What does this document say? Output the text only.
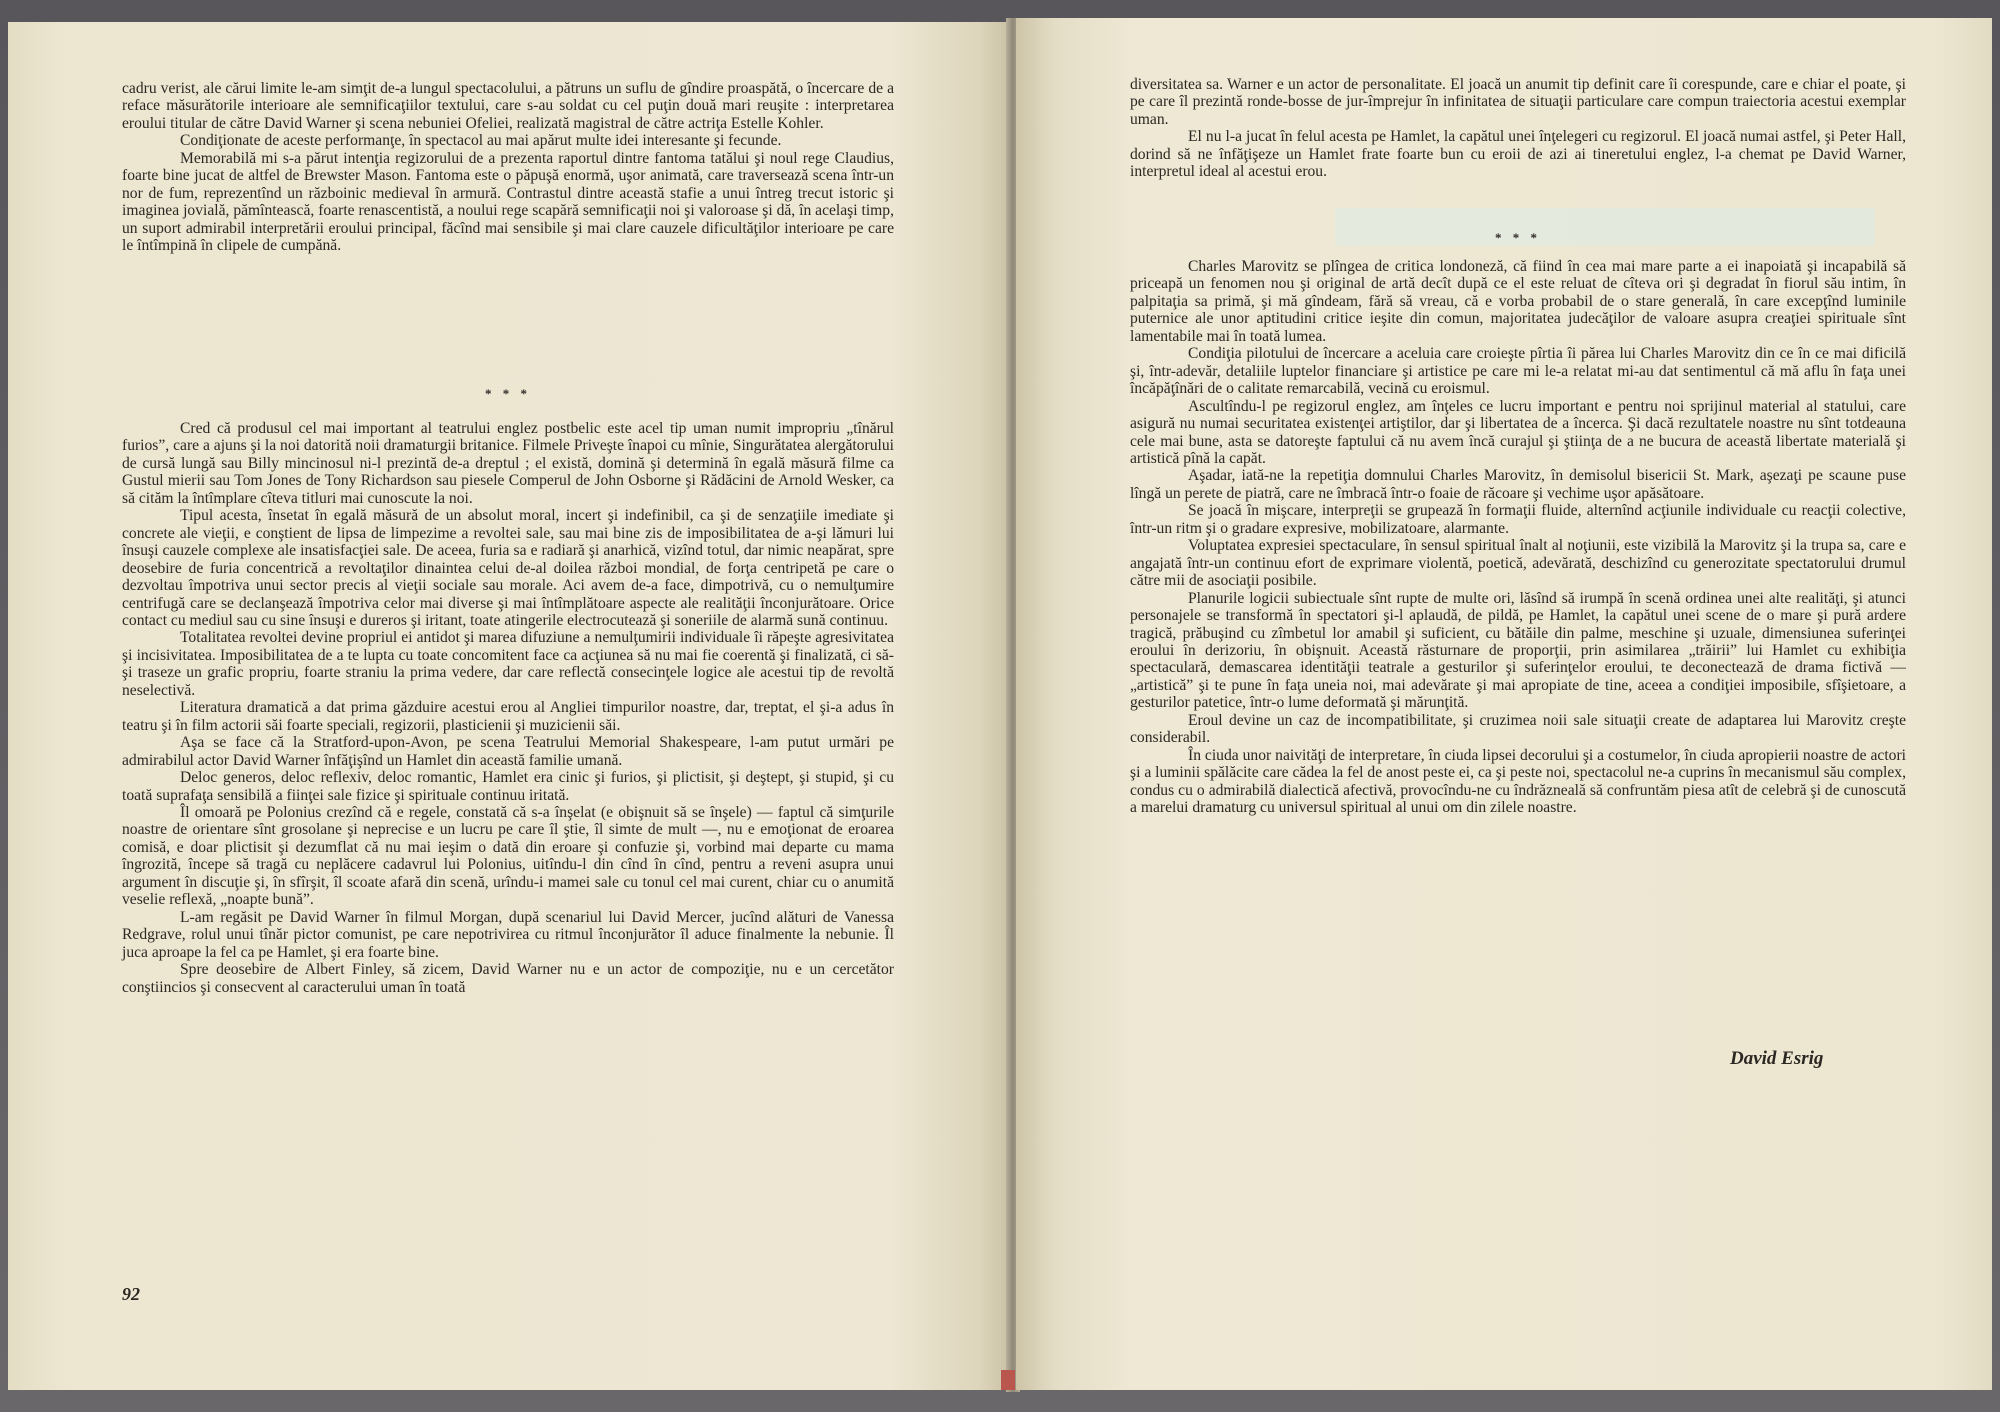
cadru verist, ale cărui limite le-am simţit de-a lungul spectacolului, a pătruns un suflu de gîndire proaspătă, o încercare de a reface măsurătorile interioare ale semnificaţiilor textului, care s-au soldat cu cel puţin două mari reuşite : interpretarea eroului titular de către David Warner şi scena nebuniei Ofeliei, realizată magistral de către actriţa Estelle Kohler.

Condiţionate de aceste performanţe, în spectacol au mai apărut multe idei interesante şi fecunde.

Memorabilă mi s-a părut intenţia regizorului de a prezenta raportul dintre fantoma tatălui şi noul rege Claudius, foarte bine jucat de altfel de Brewster Mason. Fantoma este o păpuşă enormă, uşor animată, care traversează scena într-un nor de fum, reprezentînd un războinic medieval în armură. Contrastul dintre această stafie a unui întreg trecut istoric şi imaginea jovială, pămîntească, foarte renascentistă, a noului rege scapără semnificaţii noi şi valoroase şi dă, în acelaşi timp, un suport admirabil interpretării eroului principal, făcînd mai sensibile şi mai clare cauzele dificultăţilor interioare pe care le întîmpină în clipele de cumpănă.

* * *

Cred că produsul cel mai important al teatrului englez postbelic este acel tip uman numit impropriu „tînărul furios”, care a ajuns şi la noi datorită noii dramaturgii britanice. Filmele Priveşte înapoi cu mînie, Singurătatea alergătorului de cursă lungă sau Billy mincinosul ni-l prezintă de-a dreptul ; el există, domină şi determină în egală măsură filme ca Gustul mierii sau Tom Jones de Tony Richardson sau piesele Comperul de John Osborne şi Rădăcini de Arnold Wesker, ca să cităm la întîmplare cîteva titluri mai cunoscute la noi.

Tipul acesta, însetat în egală măsură de un absolut moral, incert şi indefinibil, ca şi de senzaţiile imediate şi concrete ale vieţii, e conştient de lipsa de limpezime a revoltei sale, sau mai bine zis de imposibilitatea de a-şi lămuri lui însuşi cauzele complexe ale insatisfacţiei sale. De aceea, furia sa e radiară şi anarhică, vizînd totul, dar nimic neapărat, spre deosebire de furia concentrică a revoltaţilor dinaintea celui de-al doilea război mondial, de forţa centripetă pe care o dezvoltau împotriva unui sector precis al vieţii sociale sau morale. Aci avem de-a face, dimpotrivă, cu o nemulţumire centrifugă care se declanşează împotriva celor mai diverse şi mai întîmplătoare aspecte ale realităţii înconjurătoare. Orice contact cu mediul sau cu sine însuşi e dureros şi iritant, toate atingerile electrocutează şi soneriile de alarmă sună continuu.

Totalitatea revoltei devine propriul ei antidot şi marea difuziune a nemulţumirii individuale îi răpeşte agresivitatea şi incisivitatea. Imposibilitatea de a te lupta cu toate concomitent face ca acţiunea să nu mai fie coerentă şi finalizată, ci să-şi traseze un grafic propriu, foarte straniu la prima vedere, dar care reflectă consecinţele logice ale acestui tip de revoltă neselectivă.

Literatura dramatică a dat prima găzduire acestui erou al Angliei timpurilor noastre, dar, treptat, el şi-a adus în teatru şi în film actorii săi foarte speciali, regizorii, plasticienii şi muzicienii săi.

Aşa se face că la Stratford-upon-Avon, pe scena Teatrului Memorial Shakespeare, l-am putut urmări pe admirabilul actor David Warner înfăţişînd un Hamlet din această familie umană.

Deloc generos, deloc reflexiv, deloc romantic, Hamlet era cinic şi furios, şi plictisit, şi deştept, şi stupid, şi cu toată suprafaţa sensibilă a fiinţei sale fizice şi spirituale continuu iritată.

Îl omoară pe Polonius crezînd că e regele, constată că s-a înşelat (e obişnuit să se înşele) — faptul că simţurile noastre de orientare sînt grosolane şi neprecise e un lucru pe care îl ştie, îl simte de mult —, nu e emoţionat de eroarea comisă, e doar plictisit şi dezumflat că nu mai ieşim o dată din eroare şi confuzie şi, vorbind mai departe cu mama îngrozită, începe să tragă cu neplăcere cadavrul lui Polonius, uitîndu-l din cînd în cînd, pentru a reveni asupra unui argument în discuţie şi, în sfîrşit, îl scoate afară din scenă, urîndu-i mamei sale cu tonul cel mai curent, chiar cu o anumită veselie reflexă, „noapte bună”.

L-am regăsit pe David Warner în filmul Morgan, după scenariul lui David Mercer, jucînd alături de Vanessa Redgrave, rolul unui tînăr pictor comunist, pe care nepotrivirea cu ritmul înconjurător îl aduce finalmente la nebunie. Îl juca aproape la fel ca pe Hamlet, şi era foarte bine.

Spre deosebire de Albert Finley, să zicem, David Warner nu e un actor de compoziţie, nu e un cercetător conştiincios şi consecvent al caracterului uman în toată

92

diversitatea sa. Warner e un actor de personalitate. El joacă un anumit tip definit care îi corespunde, care e chiar el poate, şi pe care îl prezintă ronde-bosse de jur-împrejur în infinitatea de situaţii particulare care compun traiectoria acestui exemplar uman.

El nu l-a jucat în felul acesta pe Hamlet, la capătul unei înţelegeri cu regizorul. El joacă numai astfel, şi Peter Hall, dorind să ne înfăţişeze un Hamlet frate foarte bun cu eroii de azi ai tineretului englez, l-a chemat pe David Warner, interpretul ideal al acestui erou.

* * *

Charles Marovitz se plîngea de critica londoneză, că fiind în cea mai mare parte a ei inapoiată şi incapabilă să priceapă un fenomen nou şi original de artă decît după ce el este reluat de cîteva ori şi degradat în fiorul său intim, în palpitaţia sa primă, şi mă gîndeam, fără să vreau, că e vorba probabil de o stare generală, în care excepţînd luminile puternice ale unor aptitudini critice ieşite din comun, majoritatea judecăţilor de valoare asupra creaţiei spirituale sînt lamentabile mai în toată lumea.

Condiţia pilotului de încercare a aceluia care croieşte pîrtia îi părea lui Charles Marovitz din ce în ce mai dificilă şi, într-adevăr, detaliile luptelor financiare şi artistice pe care mi le-a relatat mi-au dat sentimentul că mă aflu în faţa unei încăpăţînări de o calitate remarcabilă, vecină cu eroismul.

Ascultîndu-l pe regizorul englez, am înţeles ce lucru important e pentru noi sprijinul material al statului, care asigură nu numai securitatea existenţei artiştilor, dar şi libertatea de a încerca. Şi dacă rezultatele noastre nu sînt totdeauna cele mai bune, asta se datoreşte faptului că nu avem încă curajul şi ştiinţa de a ne bucura de această libertate materială şi artistică pînă la capăt.

Aşadar, iată-ne la repetiţia domnului Charles Marovitz, în demisolul bisericii St. Mark, aşezaţi pe scaune puse lîngă un perete de piatră, care ne îmbracă într-o foaie de răcoare şi vechime uşor apăsătoare.

Se joacă în mişcare, interpreţii se grupează în formaţii fluide, alternînd acţiunile individuale cu reacţii colective, într-un ritm şi o gradare expresive, mobilizatoare, alarmante.

Voluptatea expresiei spectaculare, în sensul spiritual înalt al noţiunii, este vizibilă la Marovitz şi la trupa sa, care e angajată într-un continuu efort de exprimare violentă, poetică, adevărată, deschizînd cu generozitate spectatorului drumul către mii de asociaţii posibile.

Planurile logicii subiectuale sînt rupte de multe ori, lăsînd să irumpă în scenă ordinea unei alte realităţi, şi atunci personajele se transformă în spectatori şi-l aplaudă, de pildă, pe Hamlet, la capătul unei scene de o mare şi pură ardere tragică, prăbuşind cu zîmbetul lor amabil şi suficient, cu bătăile din palme, meschine şi uzuale, dimensiunea suferinţei eroului în derizoriu, în obişnuit. Această răsturnare de proporţii, prin asimilarea „trăirii” lui Hamlet cu exhibiţia spectaculară, demascarea identităţii teatrale a gesturilor şi suferinţelor eroului, te deconectează de drama fictivă — „artistică” şi te pune în faţa uneia noi, mai adevărate şi mai apropiate de tine, aceea a condiţiei imposibile, sfîşietoare, a gesturilor patetice, într-o lume deformată şi mărunţită.

Eroul devine un caz de incompatibilitate, şi cruzimea noii sale situaţii create de adaptarea lui Marovitz creşte considerabil.

În ciuda unor naivităţi de interpretare, în ciuda lipsei decorului şi a costumelor, în ciuda apropierii noastre de actori şi a luminii spălăcite care cădea la fel de anost peste ei, ca şi peste noi, spectacolul ne-a cuprins în mecanismul său complex, condus cu o admirabilă dialectică afectivă, provocîndu-ne cu îndrăzneală să confruntăm piesa atît de celebră şi de cunoscută a marelui dramaturg cu universul spiritual al unui om din zilele noastre.

David Esrig
